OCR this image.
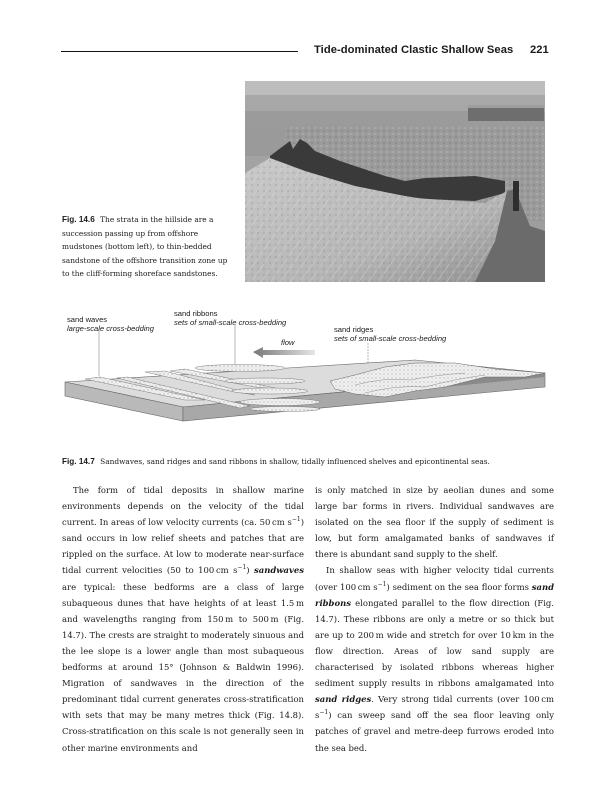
Tide-dominated Clastic Shallow Seas 221
Fig. 14.6 The strata in the hillside are a succession passing up from offshore mudstones (bottom left), to thin-bedded sandstone of the offshore transition zone up to the cliff-forming shoreface sandstones.
sand waves
large-scale cross-bedding
sand ribbons
sets of small-scale cross-bedding
sand ridges
sets of small-scale cross-bedding
flow
Fig. 14.7 Sandwaves, sand ridges and sand ribbons in shallow, tidally influenced shelves and epicontinental seas.

The form of tidal deposits in shallow marine environments depends on the velocity of the tidal current. In areas of low velocity currents (ca. 50 cm $s^{-1}$) sand occurs in low relief sheets and patches that are rippled on the surface. At low to moderate near-surface tidal current velocities (50 to 100 cm $s^{-1}$) sandwaves are typical: these bedforms are a class of large subaqueous dunes that have heights of at least 1.5 m and wavelengths ranging from 150 m to 500 m (Fig. 14.7). The crests are straight to moderately sinuous and the lee slope is a lower angle than most subaqueous bedforms at around 15° (Johnson & Baldwin 1996). Migration of sandwaves in the direction of the predominant tidal current generates cross-stratification with sets that may be many metres thick (Fig. 14.8). Cross-stratification on this scale is not generally seen in other marine environments and

is only matched in size by aeolian dunes and some large bar forms in rivers. Individual sandwaves are isolated on the sea floor if the supply of sediment is low, but form amalgamated banks of sandwaves if there is abundant sand supply to the shelf.

In shallow seas with higher velocity tidal currents (over 100 cm $s^{-1}$) sediment on the sea floor forms sand ribbons elongated parallel to the flow direction (Fig. 14.7). These ribbons are only a metre or so thick but are up to 200 m wide and stretch for over 10 km in the flow direction. Areas of low sand supply are characterised by isolated ribbons whereas higher sediment supply results in ribbons amalgamated into sand ridges. Very strong tidal currents (over 100 cm $s^{-1}$) can sweep sand off the sea floor leaving only patches of gravel and metre-deep furrows eroded into the sea bed.
